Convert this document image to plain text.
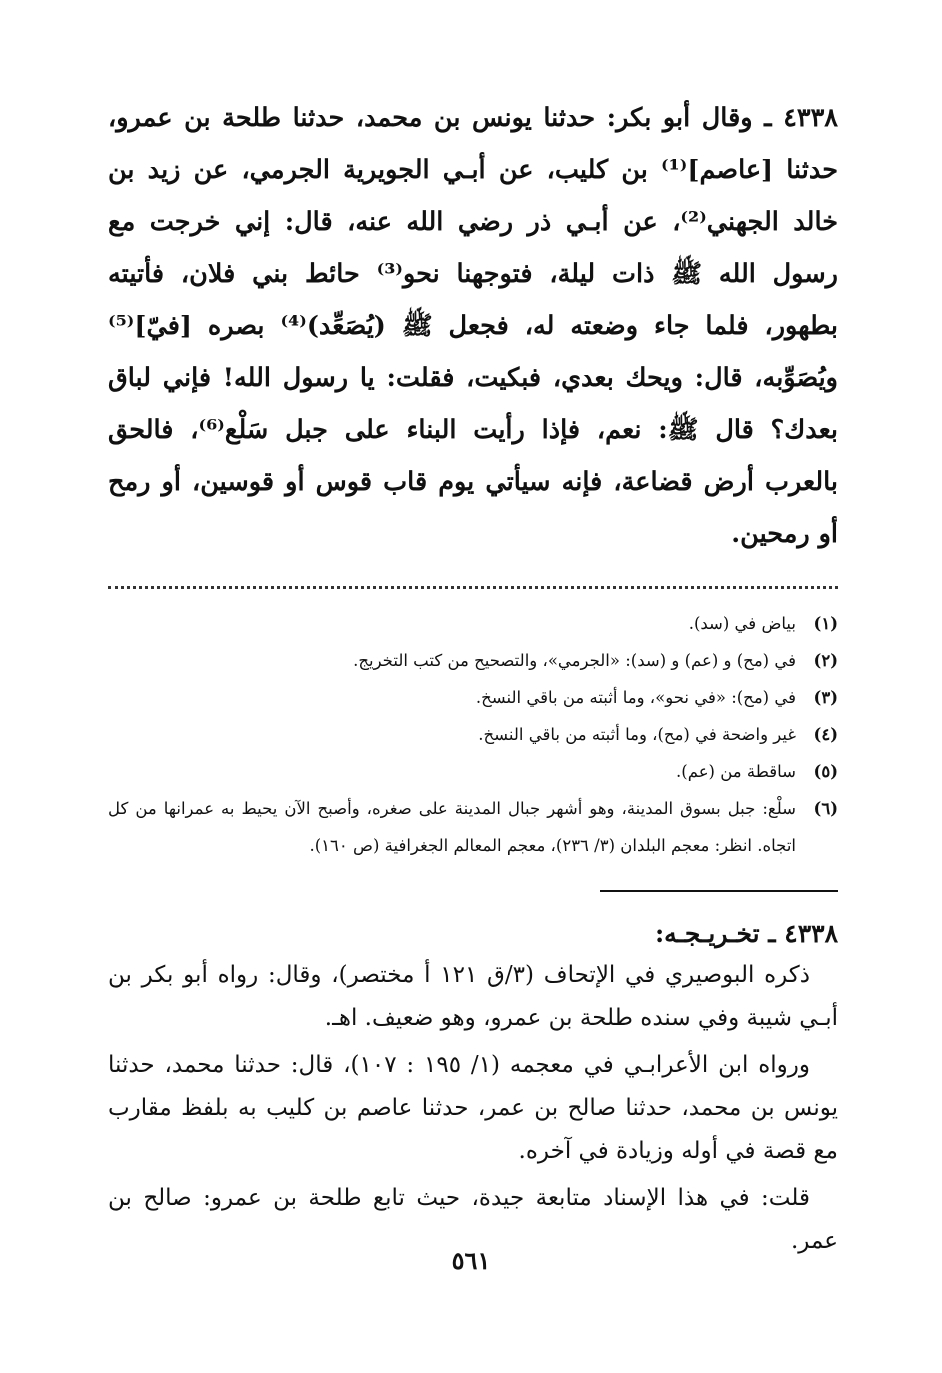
٤٣٣٨ ـ وقال أبو بكر: حدثنا يونس بن محمد، حدثنا طلحة بن عمرو، حدثنا [عاصم]⁽¹⁾ بن كليب، عن أبـي الجويرية الجرمي، عن زيد بن خالد الجهني⁽²⁾، عن أبـي ذر رضي الله عنه، قال: إني خرجت مع رسول الله ﷺ ذات ليلة، فتوجهنا نحو⁽³⁾ حائط بني فلان، فأتيته بطهور، فلما جاء وضعته له، فجعل ﷺ (يُصَعِّد)⁽⁴⁾ بصره [فيّ]⁽⁵⁾ ويُصَوِّبه، قال: ويحك بعدي، فبكيت، فقلت: يا رسول الله! فإني لباق بعدك؟ قال ﷺ: نعم، فإذا رأيت البناء على جبل سَلْع⁽⁶⁾، فالحق بالعرب أرض قضاعة، فإنه سيأتي يوم قاب قوس أو قوسين، أو رمح أو رمحين.

(١)
بياض في (سد).
(٢)
في (مح) و (عم) و (سد): «الجرمي»، والتصحيح من كتب التخريج.
(٣)
في (مح): «في نحو»، وما أثبته من باقي النسخ.
(٤)
غير واضحة في (مح)، وما أثبته من باقي النسخ.
(٥)
ساقطة من (عم).
(٦)
سلْع: جبل بسوق المدينة، وهو أشهر جبال المدينة على صغره، وأصبح الآن يحيط به عمرانها من كل اتجاه. انظر: معجم البلدان (٣/ ٢٣٦)، معجم المعالم الجغرافية (ص ١٦٠).
٤٣٣٨ ـ تخـريـجـه:

ذكره البوصيري في الإتحاف (٣/ق ١٢١ أ مختصر)، وقال: رواه أبو بكر بن أبـي شيبة وفي سنده طلحة بن عمرو، وهو ضعيف. اهـ.

ورواه ابن الأعرابـي في معجمه (١/ ١٩٥ : ١٠٧)، قال: حدثنا محمد، حدثنا يونس بن محمد، حدثنا صالح بن عمر، حدثنا عاصم بن كليب به بلفظ مقارب مع قصة في أوله وزيادة في آخره.

قلت: في هذا الإسناد متابعة جيدة، حيث تابع طلحة بن عمرو: صالح بن عمر.

٥٦١
